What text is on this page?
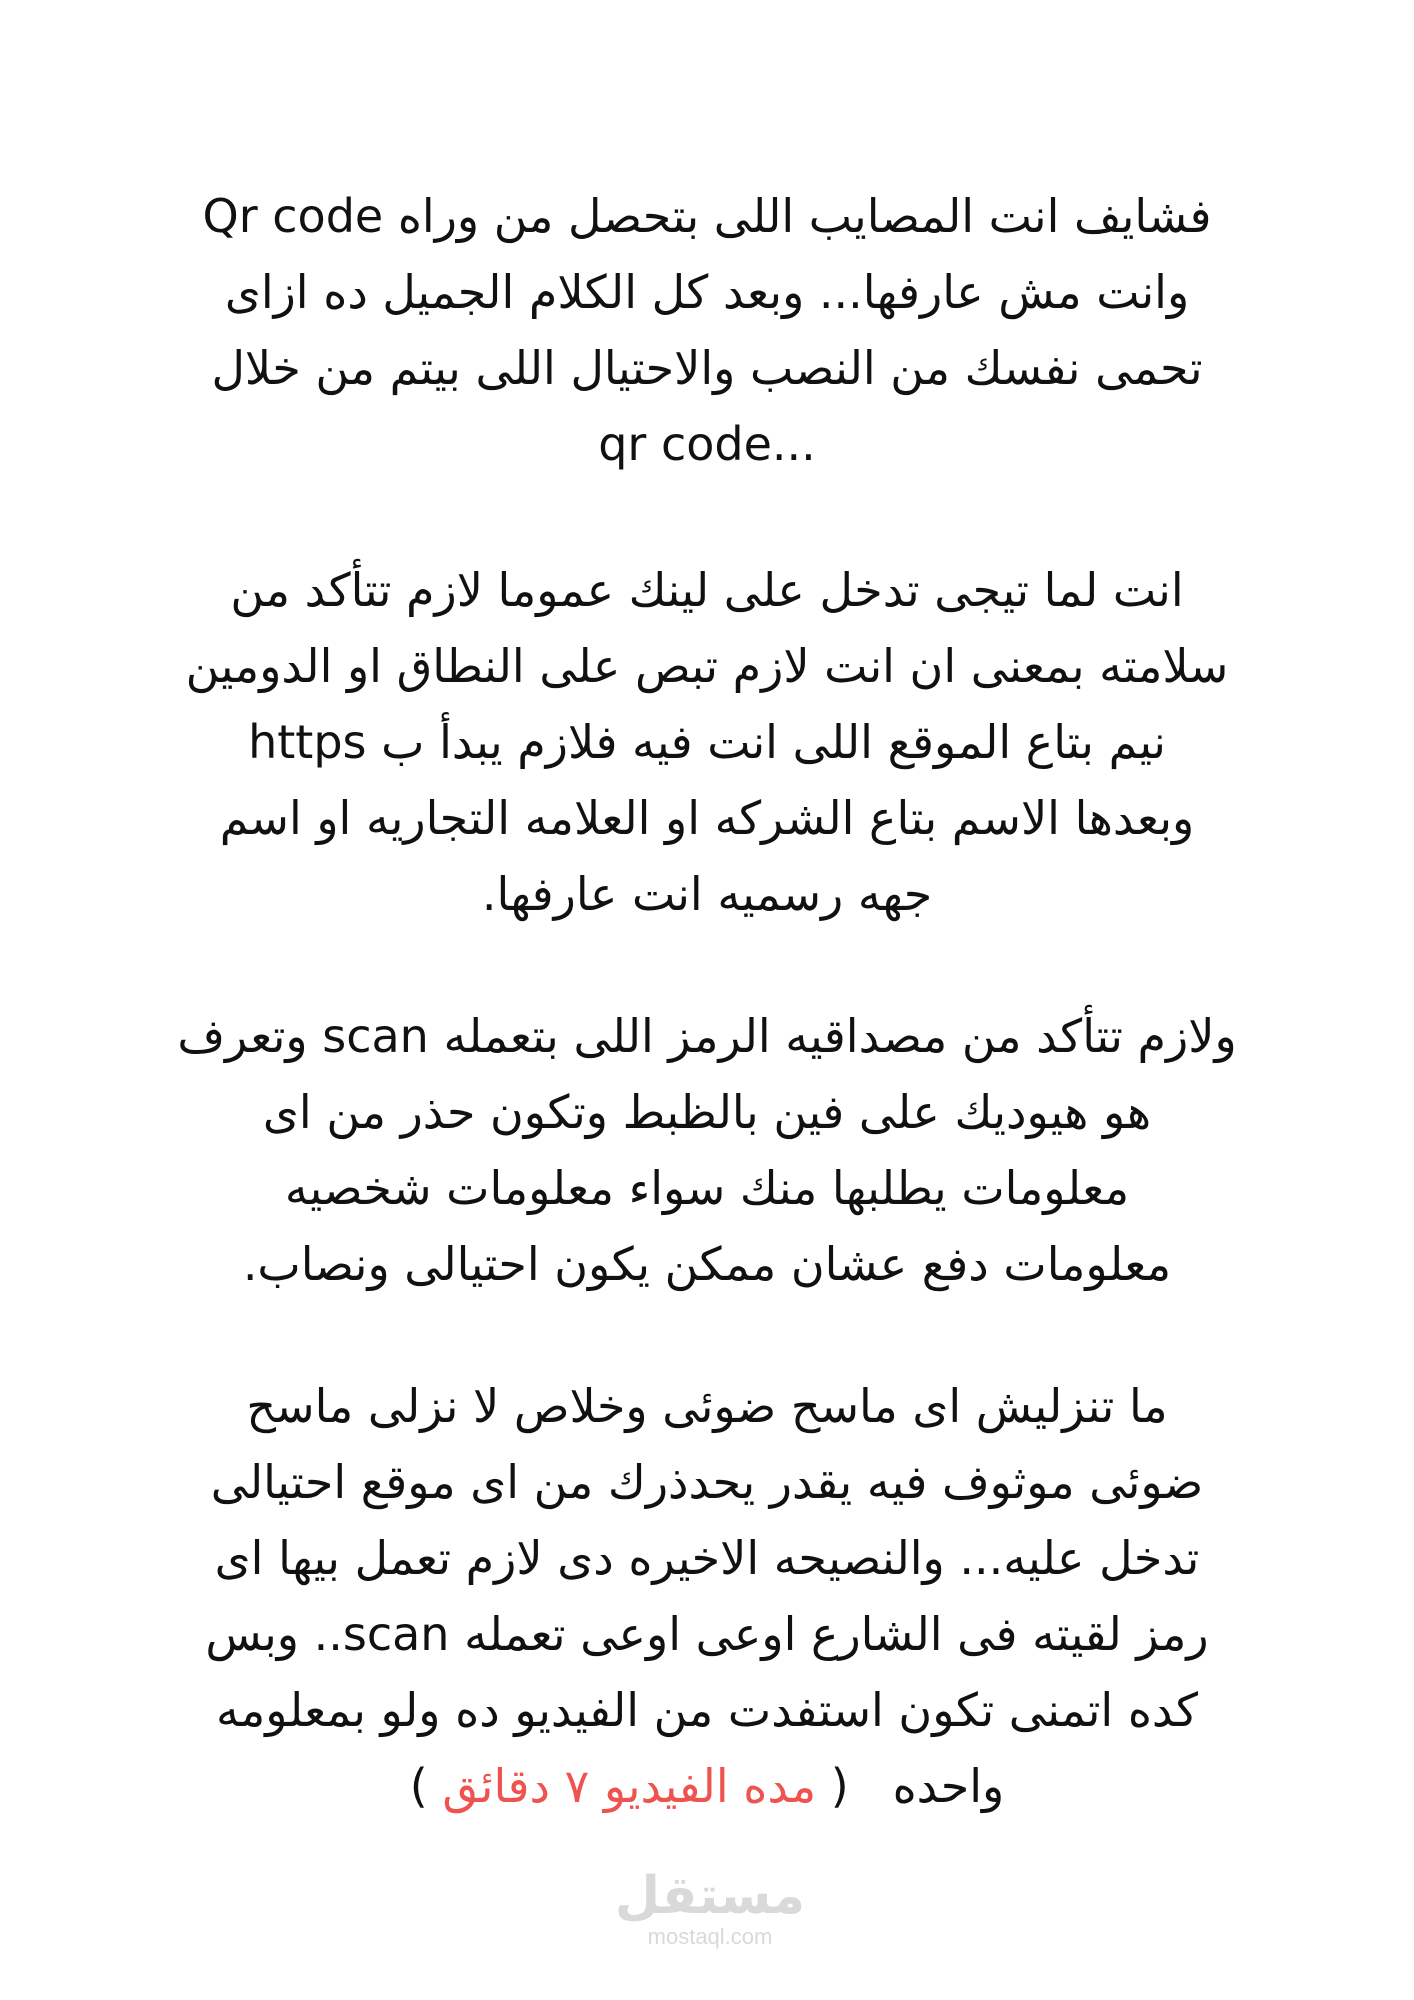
فشايف انت المصايب اللى بتحصل من وراه Qr code
وانت مش عارفها... وبعد كل الكلام الجميل ده ازاى
تحمى نفسك من النصب والاحتيال اللى بيتم من خلال
qr code...
انت لما تيجى تدخل على لينك عموما لازم تتأكد من
سلامته بمعنى ان انت لازم تبص على النطاق او الدومين
نيم بتاع الموقع اللى انت فيه فلازم يبدأ ب https
وبعدها الاسم بتاع الشركه او العلامه التجاريه او اسم
جهه رسميه انت عارفها.
ولازم تتأكد من مصداقيه الرمز اللى بتعمله scan وتعرف
هو هيوديك على فين بالظبط وتكون حذر من اى
معلومات يطلبها منك سواء معلومات شخصيه
معلومات دفع عشان ممكن يكون احتيالى ونصاب.
ما تنزليش اى ماسح ضوئى وخلاص لا نزلى ماسح
ضوئى موثوف فيه يقدر يحدذرك من اى موقع احتيالى
تدخل عليه... والنصيحه الاخيره دى لازم تعمل بيها اى
رمز لقيته فى الشارع اوعى اوعى تعمله scan.. وبس
كده اتمنى تكون استفدت من الفيديو ده ولو بمعلومه
واحده   ( مده الفيديو ٧ دقائق )
مستقل
mostaql.com
